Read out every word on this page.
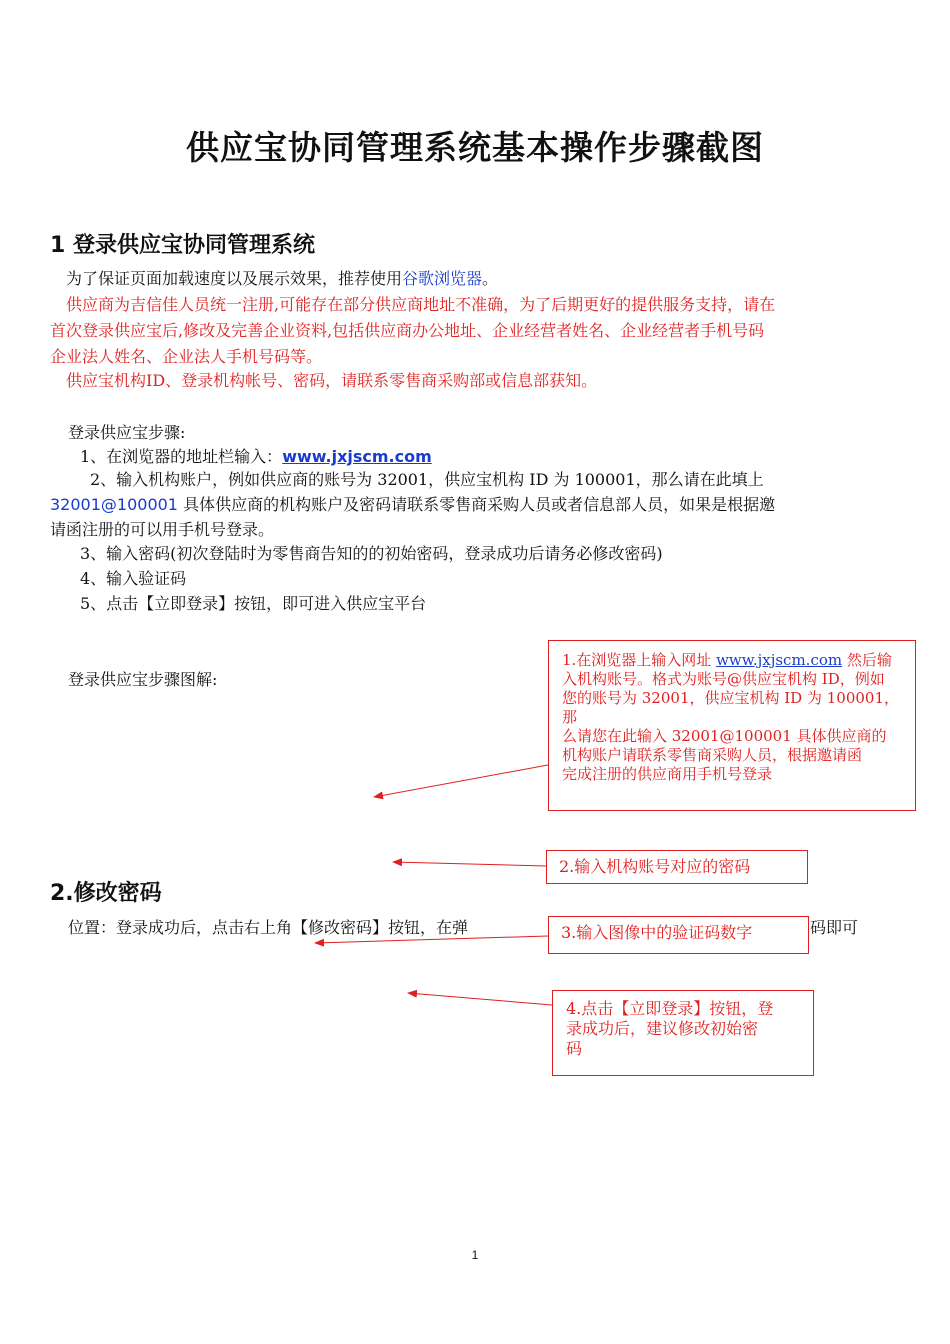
供应宝协同管理系统基本操作步骤截图
1 登录供应宝协同管理系统
为了保证页面加载速度以及展示效果，推荐使用谷歌浏览器。
供应商为吉信佳人员统一注册,可能存在部分供应商地址不准确，为了后期更好的提供服务支持，请在
首次登录供应宝后,修改及完善企业资料,包括供应商办公地址、企业经营者姓名、企业经营者手机号码
企业法人姓名、企业法人手机号码等。
供应宝机构ID、登录机构帐号、密码，请联系零售商采购部或信息部获知。
登录供应宝步骤:
1、在浏览器的地址栏输入：www.jxjscm.com
2、输入机构账户，例如供应商的账号为 32001，供应宝机构 ID 为 100001，那么请在此填上
32001@100001 具体供应商的机构账户及密码请联系零售商采购人员或者信息部人员，如果是根据邀
请函注册的可以用手机号登录。
3、输入密码(初次登陆时为零售商告知的的初始密码，登录成功后请务必修改密码)
4、输入验证码
5、点击【立即登录】按钮，即可进入供应宝平台
登录供应宝步骤图解:
2.修改密码
位置：登录成功后，点击右上角【修改密码】按钮，在弹	码即可
1.在浏览器上输入网址 www.jxjscm.com 然后输
入机构账号。格式为账号@供应宝机构 ID，例如
您的账号为 32001，供应宝机构 ID 为 100001，那
么请您在此输入 32001@100001 具体供应商的
机构账户请联系零售商采购人员，根据邀请函
完成注册的供应商用手机号登录
2.输入机构账号对应的密码
3.输入图像中的验证码数字
4.点击【立即登录】按钮，登
录成功后，建议修改初始密
码
1
